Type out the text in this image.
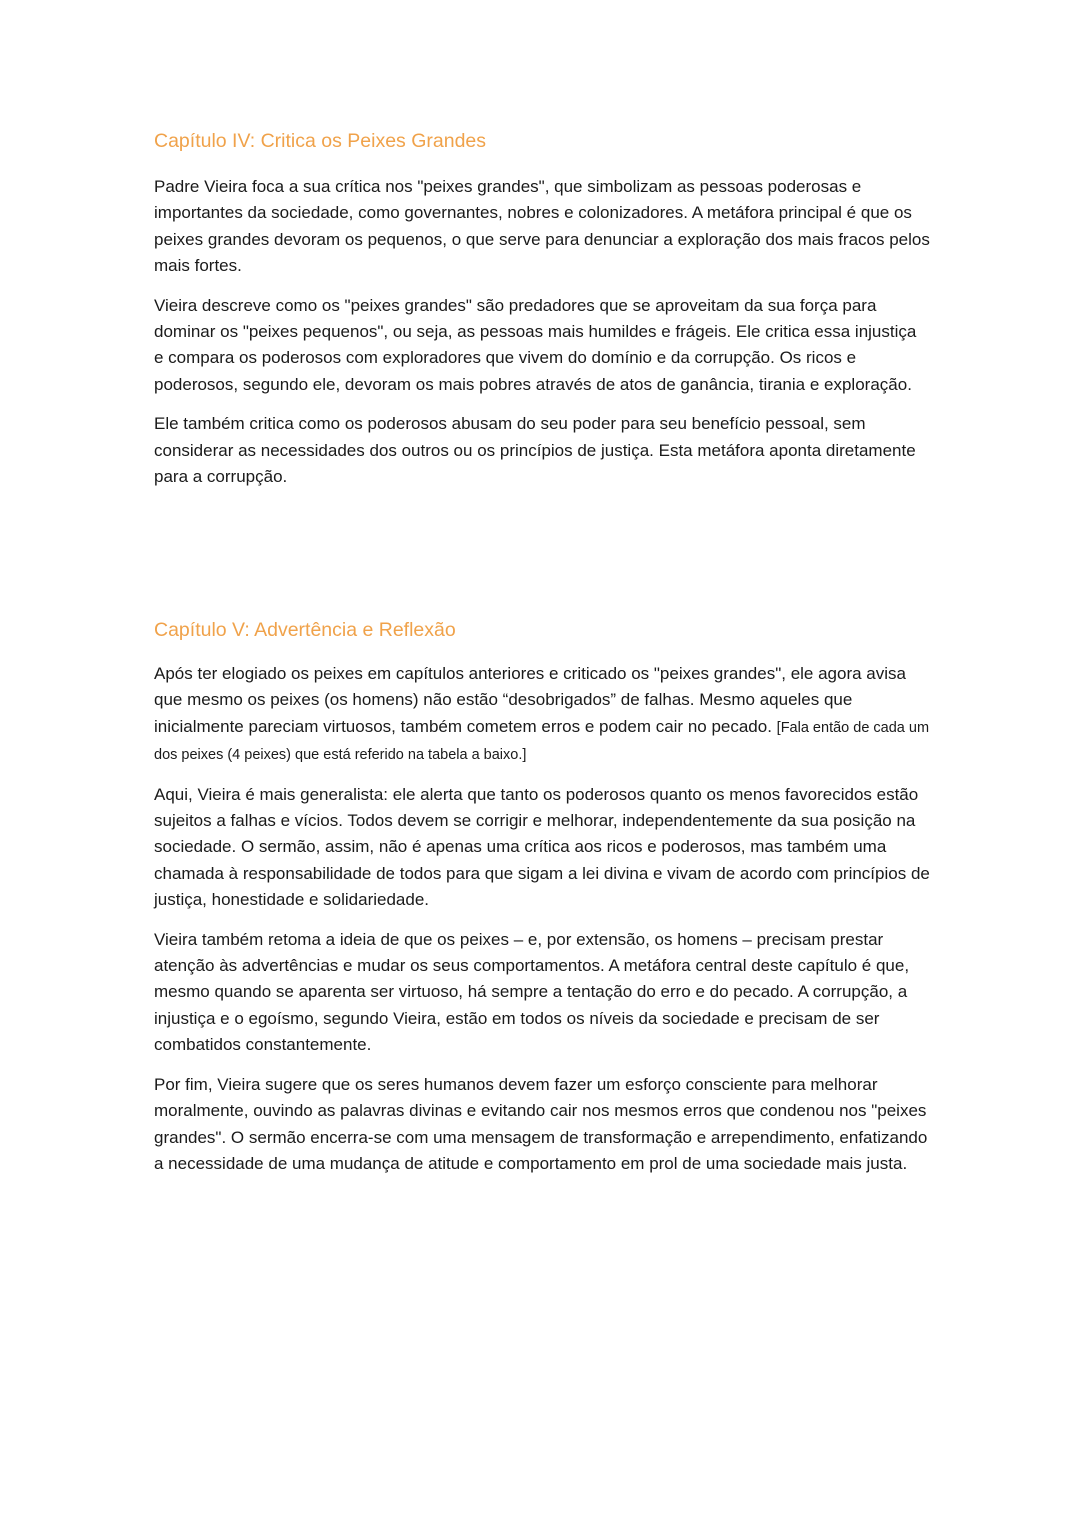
Capítulo IV: Critica os Peixes Grandes

Padre Vieira foca a sua crítica nos "peixes grandes", que simbolizam as pessoas poderosas e importantes da sociedade, como governantes, nobres e colonizadores. A metáfora principal é que os peixes grandes devoram os pequenos, o que serve para denunciar a exploração dos mais fracos pelos mais fortes.

Vieira descreve como os "peixes grandes" são predadores que se aproveitam da sua força para dominar os "peixes pequenos", ou seja, as pessoas mais humildes e frágeis. Ele critica essa injustiça e compara os poderosos com exploradores que vivem do domínio e da corrupção. Os ricos e poderosos, segundo ele, devoram os mais pobres através de atos de ganância, tirania e exploração.

Ele também critica como os poderosos abusam do seu poder para seu benefício pessoal, sem considerar as necessidades dos outros ou os princípios de justiça. Esta metáfora aponta diretamente para a corrupção.

Capítulo V: Advertência e Reflexão

Após ter elogiado os peixes em capítulos anteriores e criticado os "peixes grandes", ele agora avisa que mesmo os peixes (os homens) não estão “desobrigados” de falhas. Mesmo aqueles que inicialmente pareciam virtuosos, também cometem erros e podem cair no pecado. [Fala então de cada um dos peixes (4 peixes) que está referido na tabela a baixo.]

Aqui, Vieira é mais generalista: ele alerta que tanto os poderosos quanto os menos favorecidos estão sujeitos a falhas e vícios. Todos devem se corrigir e melhorar, independentemente da sua posição na sociedade. O sermão, assim, não é apenas uma crítica aos ricos e poderosos, mas também uma chamada à responsabilidade de todos para que sigam a lei divina e vivam de acordo com princípios de justiça, honestidade e solidariedade.

Vieira também retoma a ideia de que os peixes – e, por extensão, os homens – precisam prestar atenção às advertências e mudar os seus comportamentos. A metáfora central deste capítulo é que, mesmo quando se aparenta ser virtuoso, há sempre a tentação do erro e do pecado. A corrupção, a injustiça e o egoísmo, segundo Vieira, estão em todos os níveis da sociedade e precisam de ser combatidos constantemente.

Por fim, Vieira sugere que os seres humanos devem fazer um esforço consciente para melhorar moralmente, ouvindo as palavras divinas e evitando cair nos mesmos erros que condenou nos "peixes grandes". O sermão encerra-se com uma mensagem de transformação e arrependimento, enfatizando a necessidade de uma mudança de atitude e comportamento em prol de uma sociedade mais justa.
